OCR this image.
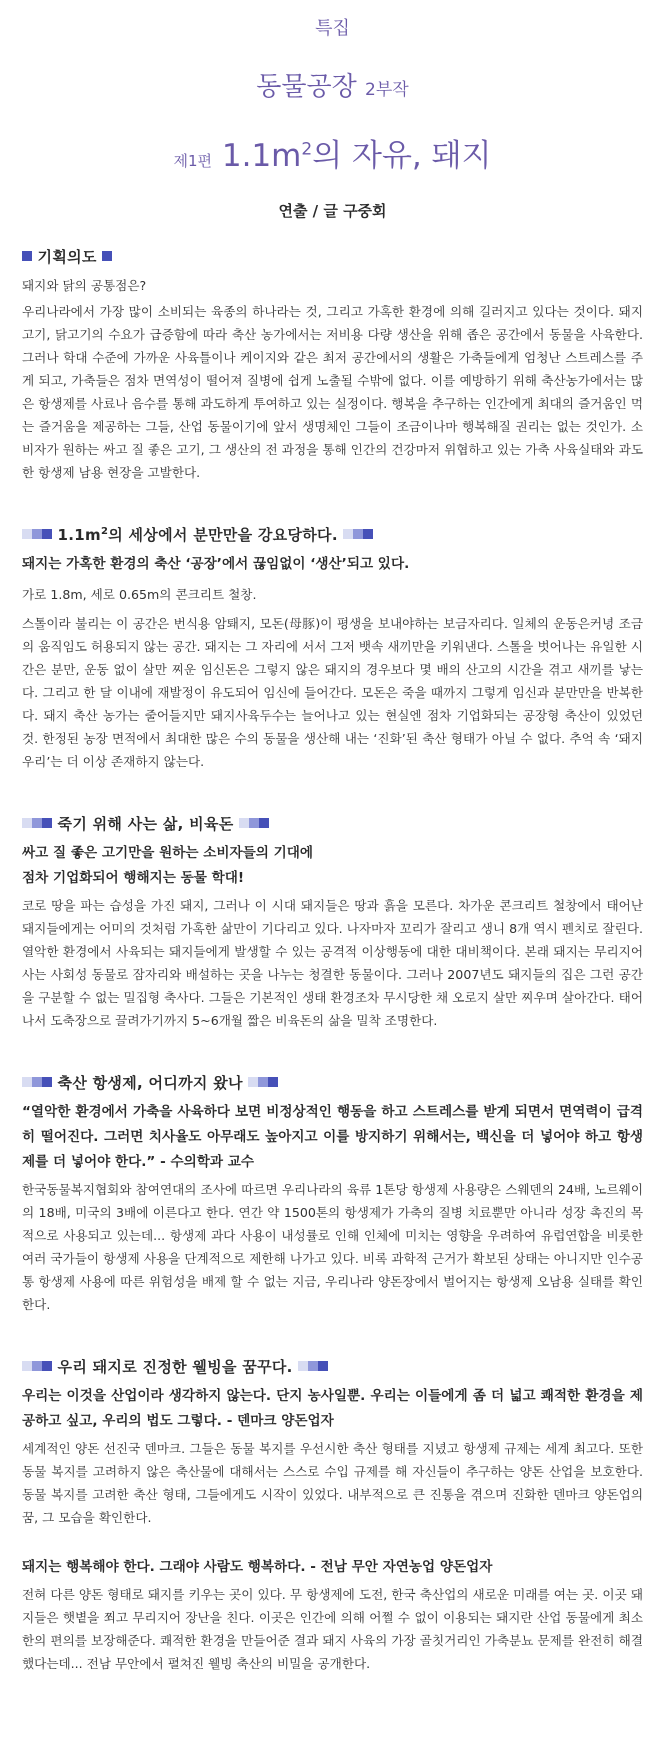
특집
동물공장 2부작
제1편 $1.1m^2$의 자유, 돼지
연출 / 글 구중회
기획의도

돼지와 닭의 공통점은?

우리나라에서 가장 많이 소비되는 육종의 하나라는 것, 그리고 가혹한 환경에 의해 길러지고 있다는 것이다. 돼지고기, 닭고기의 수요가 급증함에 따라 축산 농가에서는 저비용 다량 생산을 위해 좁은 공간에서 동물을 사육한다. 그러나 학대 수준에 가까운 사육틀이나 케이지와 같은 최저 공간에서의 생활은 가축들에게 엄청난 스트레스를 주게 되고, 가축들은 점차 면역성이 떨어져 질병에 쉽게 노출될 수밖에 없다. 이를 예방하기 위해 축산농가에서는 많은 항생제를 사료나 음수를 통해 과도하게 투여하고 있는 실정이다. 행복을 추구하는 인간에게 최대의 즐거움인 먹는 즐거움을 제공하는 그들, 산업 동물이기에 앞서 생명체인 그들이 조금이나마 행복해질 권리는 없는 것인가. 소비자가 원하는 싸고 질 좋은 고기, 그 생산의 전 과정을 통해 인간의 건강마저 위협하고 있는 가축 사육실태와 과도한 항생제 남용 현장을 고발한다.

$1.1m^2$의 세상에서 분만만을 강요당하다.

돼지는 가혹한 환경의 축산 ‘공장’에서 끊임없이 ‘생산’되고 있다.

가로 1.8m, 세로 0.65m의 콘크리트 철창.

스톨이라 불리는 이 공간은 번식용 암퇘지, 모돈(母豚)이 평생을 보내야하는 보금자리다. 일체의 운동은커녕 조금의 움직임도 허용되지 않는 공간. 돼지는 그 자리에 서서 그저 뱃속 새끼만을 키워낸다. 스톨을 벗어나는 유일한 시간은 분만, 운동 없이 살만 찌운 임신돈은 그렇지 않은 돼지의 경우보다 몇 배의 산고의 시간을 겪고 새끼를 낳는다. 그리고 한 달 이내에 재발정이 유도되어 임신에 들어간다. 모돈은 죽을 때까지 그렇게 임신과 분만만을 반복한다. 돼지 축산 농가는 줄어들지만 돼지사육두수는 늘어나고 있는 현실엔 점차 기업화되는 공장형 축산이 있었던 것. 한정된 농장 면적에서 최대한 많은 수의 동물을 생산해 내는 ‘진화’된 축산 형태가 아닐 수 없다. 추억 속 ‘돼지우리’는 더 이상 존재하지 않는다.

죽기 위해 사는 삶, 비육돈

싸고 질 좋은 고기만을 원하는 소비자들의 기대에

점차 기업화되어 행해지는 동물 학대!

코로 땅을 파는 습성을 가진 돼지, 그러나 이 시대 돼지들은 땅과 흙을 모른다. 차가운 콘크리트 철창에서 태어난 돼지들에게는 어미의 것처럼 가혹한 삶만이 기다리고 있다. 나자마자 꼬리가 잘리고 생니 8개 역시 펜치로 잘린다. 열악한 환경에서 사육되는 돼지들에게 발생할 수 있는 공격적 이상행동에 대한 대비책이다. 본래 돼지는 무리지어 사는 사회성 동물로 잠자리와 배설하는 곳을 나누는 청결한 동물이다. 그러나 2007년도 돼지들의 집은 그런 공간을 구분할 수 없는 밀집형 축사다. 그들은 기본적인 생태 환경조차 무시당한 채 오로지 살만 찌우며 살아간다. 태어나서 도축장으로 끌려가기까지 5~6개월 짧은 비육돈의 삶을 밀착 조명한다.

축산 항생제, 어디까지 왔나

“열악한 환경에서 가축을 사육하다 보면 비정상적인 행동을 하고 스트레스를 받게 되면서 면역력이 급격히 떨어진다. 그러면 치사율도 아무래도 높아지고 이를 방지하기 위해서는, 백신을 더 넣어야 하고 항생제를 더 넣어야 한다.” - 수의학과 교수

한국동물복지협회와 참여연대의 조사에 따르면 우리나라의 육류 1톤당 항생제 사용량은 스웨덴의 24배, 노르웨이의 18배, 미국의 3배에 이른다고 한다. 연간 약 1500톤의 항생제가 가축의 질병 치료뿐만 아니라 성장 촉진의 목적으로 사용되고 있는데... 항생제 과다 사용이 내성률로 인해 인체에 미치는 영향을 우려하여 유럽연합을 비롯한 여러 국가들이 항생제 사용을 단계적으로 제한해 나가고 있다. 비록 과학적 근거가 확보된 상태는 아니지만 인수공통 항생제 사용에 따른 위험성을 배제 할 수 없는 지금, 우리나라 양돈장에서 벌어지는 항생제 오남용 실태를 확인한다.

우리 돼지로 진정한 웰빙을 꿈꾸다.

우리는 이것을 산업이라 생각하지 않는다. 단지 농사일뿐. 우리는 이들에게 좀 더 넓고 쾌적한 환경을 제공하고 싶고, 우리의 법도 그렇다. - 덴마크 양돈업자

세계적인 양돈 선진국 덴마크. 그들은 동물 복지를 우선시한 축산 형태를 지녔고 항생제 규제는 세계 최고다. 또한 동물 복지를 고려하지 않은 축산물에 대해서는 스스로 수입 규제를 해 자신들이 추구하는 양돈 산업을 보호한다. 동물 복지를 고려한 축산 형태, 그들에게도 시작이 있었다. 내부적으로 큰 진통을 겪으며 진화한 덴마크 양돈업의 꿈, 그 모습을 확인한다.

돼지는 행복해야 한다. 그래야 사람도 행복하다. - 전남 무안 자연농업 양돈업자

전혀 다른 양돈 형태로 돼지를 키우는 곳이 있다. 무 항생제에 도전, 한국 축산업의 새로운 미래를 여는 곳. 이곳 돼지들은 햇볕을 쬐고 무리지어 장난을 친다. 이곳은 인간에 의해 어쩔 수 없이 이용되는 돼지란 산업 동물에게 최소한의 편의를 보장해준다. 쾌적한 환경을 만들어준 결과 돼지 사육의 가장 골칫거리인 가축분뇨 문제를 완전히 해결했다는데... 전남 무안에서 펼쳐진 웰빙 축산의 비밀을 공개한다.
